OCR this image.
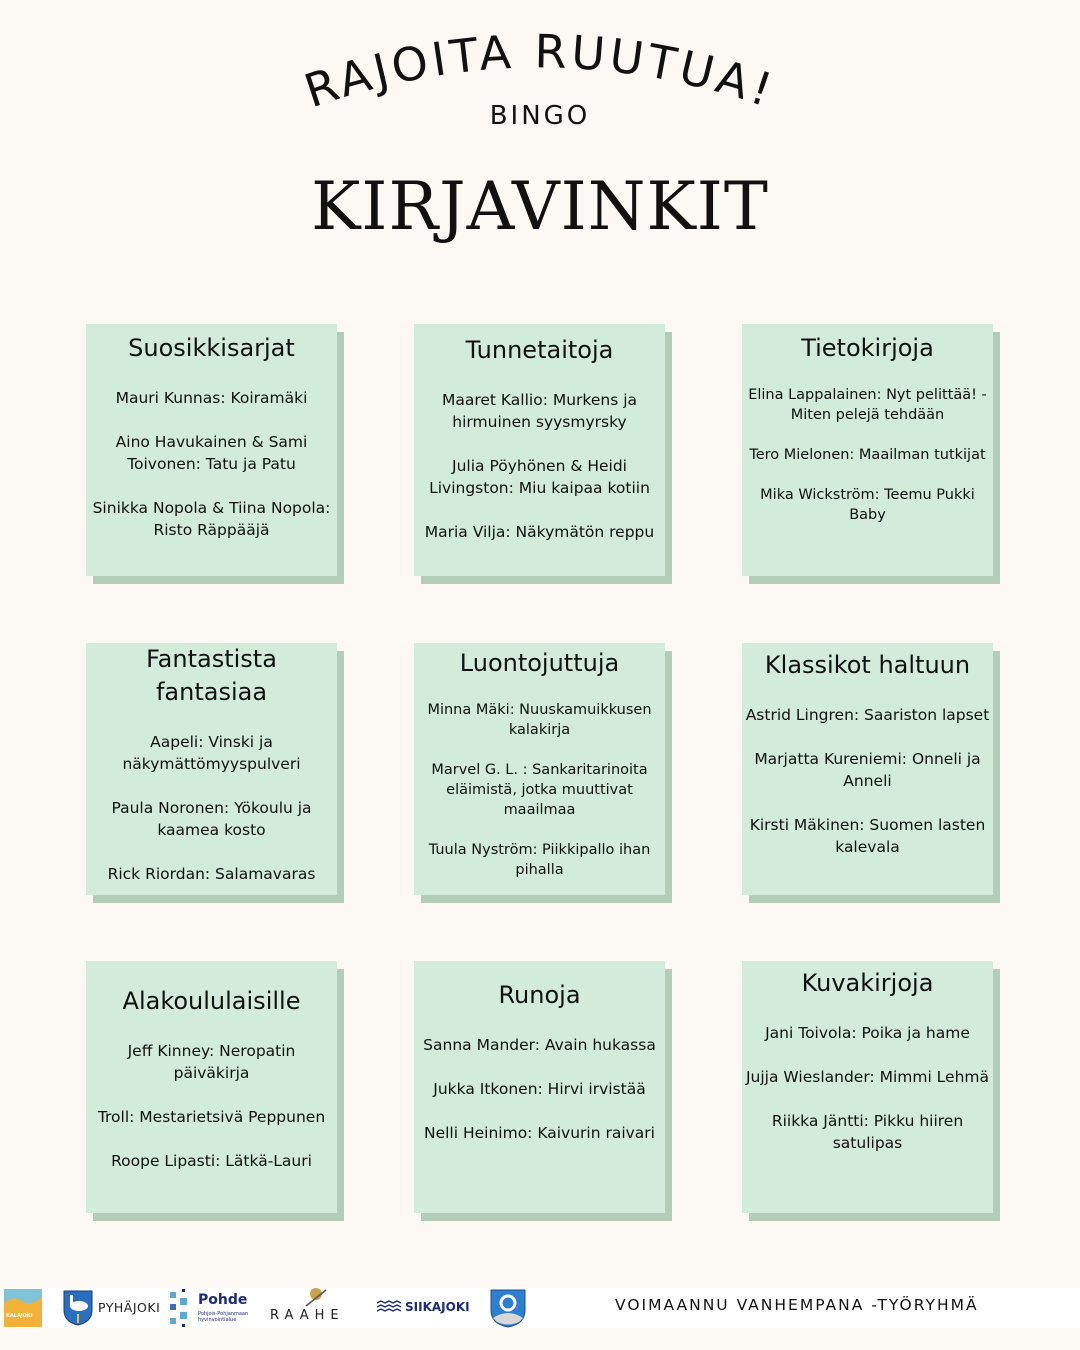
RAJOITA RUUTUA!
BINGO
KIRJAVINKIT
Suosikkisarjat
Mauri Kunnas: Koiramäki
Aino Havukainen & Sami Toivonen: Tatu ja Patu
Sinikka Nopola & Tiina Nopola: Risto Räppääjä
Tunnetaitoja
Maaret Kallio: Murkens ja hirmuinen syysmyrsky
Julia Pöyhönen & Heidi Livingston: Miu kaipaa kotiin
Maria Vilja: Näkymätön reppu
Tietokirjoja
Elina Lappalainen: Nyt pelittää! - Miten pelejä tehdään
Tero Mielonen: Maailman tutkijat
Mika Wickström: Teemu Pukki Baby
Fantastista fantasiaa
Aapeli: Vinski ja näkymättömyyspulveri
Paula Noronen: Yökoulu ja kaamea kosto
Rick Riordan: Salamavaras
Luontojuttuja
Minna Mäki: Nuuskamuikkusen kalakirja
Marvel G. L. : Sankaritarinoita eläimistä, jotka muuttivat maailmaa
Tuula Nyström: Piikkipallo ihan pihalla
Klassikot haltuun
Astrid Lingren: Saariston lapset
Marjatta Kureniemi: Onneli ja Anneli
Kirsti Mäkinen: Suomen lasten kalevala
Alakoululaisille
Jeff Kinney: Neropatin päiväkirja
Troll: Mestarietsivä Peppunen
Roope Lipasti: Lätkä-Lauri
Runoja
Sanna Mander: Avain hukassa
Jukka Itkonen: Hirvi irvistää
Nelli Heinimo: Kaivurin raivari
Kuvakirjoja
Jani Toivola: Poika ja hame
Jujja Wieslander: Mimmi Lehmä
Riikka Jäntti: Pikku hiiren satulipas
KALAJOKI
PYHÄJOKI	Pohde
Pohjois-Pohjanmaan hyvinvointialue	RAAHE
SIIKAJOKI	VOIMAANNU VANHEMPANA -TYÖRYHMÄ
